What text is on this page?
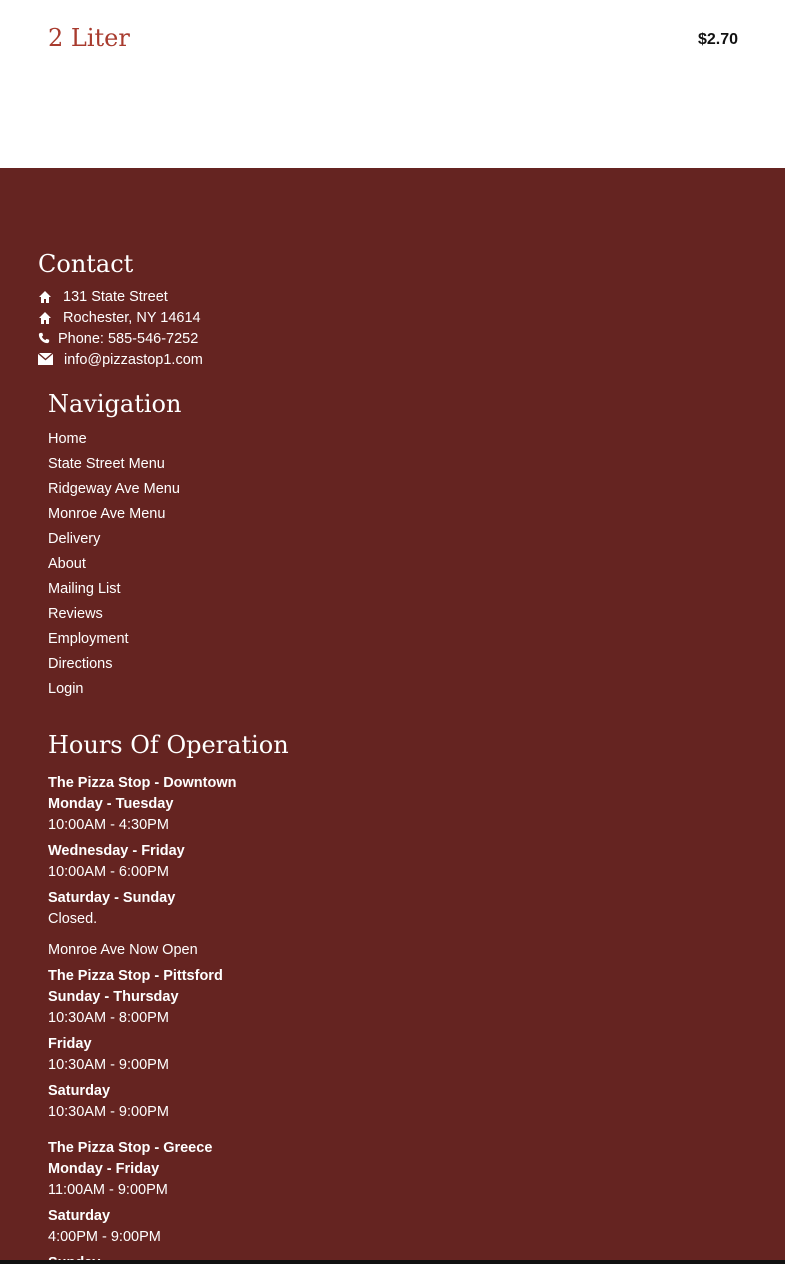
2 Liter	$2.70
Contact
131 State Street
Rochester, NY 14614
Phone: 585-546-7252
info@pizzastop1.com
Navigation
Home
State Street Menu
Ridgeway Ave Menu
Monroe Ave Menu
Delivery
About
Mailing List
Reviews
Employment
Directions
Login
Hours Of Operation
The Pizza Stop - Downtown
Monday - Tuesday
10:00AM - 4:30PM
Wednesday - Friday
10:00AM - 6:00PM
Saturday - Sunday
Closed.
Monroe Ave Now Open
The Pizza Stop - Pittsford
Sunday - Thursday
10:30AM - 8:00PM
Friday
10:30AM - 9:00PM
Saturday
10:30AM - 9:00PM
The Pizza Stop - Greece
Monday - Friday
11:00AM - 9:00PM
Saturday
4:00PM - 9:00PM
